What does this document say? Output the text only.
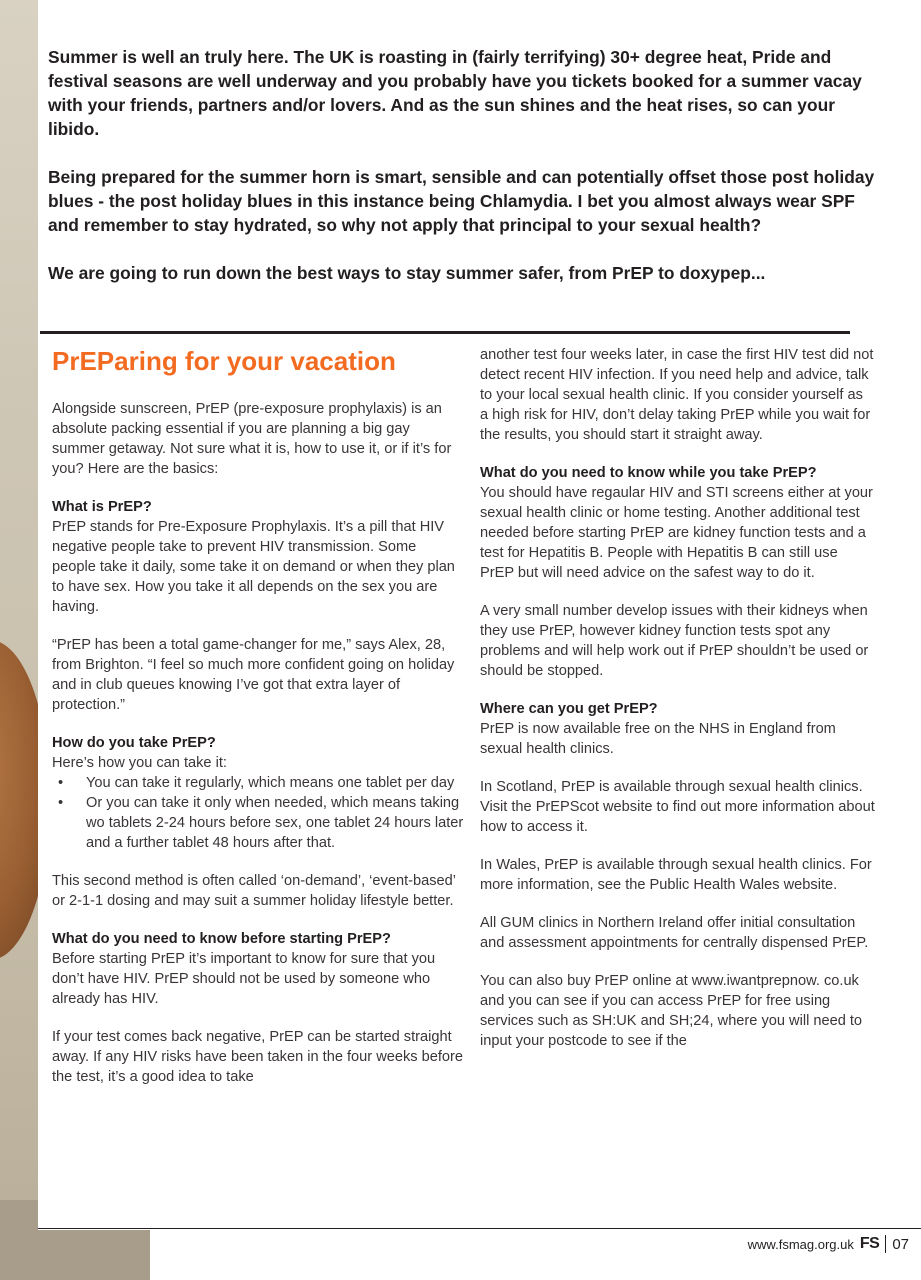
Summer is well an truly here. The UK is roasting in (fairly terrifying) 30+ degree heat, Pride and festival seasons are well underway and you probably have you tickets booked for a summer vacay with your friends, partners and/or lovers. And as the sun shines and the heat rises, so can your libido.

Being prepared for the summer horn is smart, sensible and can potentially offset those post holiday blues - the post holiday blues in this instance being Chlamydia. I bet you almost always wear SPF and remember to stay hydrated, so why not apply that principal to your sexual health?

We are going to run down the best ways to stay summer safer, from PrEP to doxypep...

PrEParing for your vacation

Alongside sunscreen, PrEP (pre-exposure prophylaxis) is an absolute packing essential if you are planning a big gay summer getaway. Not sure what it is, how to use it, or if it’s for you? Here are the basics:

What is PrEP?

PrEP stands for Pre-Exposure Prophylaxis. It’s a pill that HIV negative people take to prevent HIV transmission. Some people take it daily, some take it on demand or when they plan to have sex. How you take it all depends on the sex you are having.

“PrEP has been a total game-changer for me,” says Alex, 28, from Brighton. “I feel so much more confident going on holiday and in club queues knowing I’ve got that extra layer of protection.”

How do you take PrEP?
Here’s how you can take it:
• You can take it regularly, which means one tablet per day
• Or you can take it only when needed, which means taking wo tablets 2-24 hours before sex, one tablet 24 hours later and a further tablet 48 hours after that.

This second method is often called ‘on-demand’, ‘event-based’ or 2-1-1 dosing and may suit a summer holiday lifestyle better.

What do you need to know before starting PrEP?

Before starting PrEP it’s important to know for sure that you don’t have HIV. PrEP should not be used by someone who already has HIV.

If your test comes back negative, PrEP can be started straight away. If any HIV risks have been taken in the four weeks before the test, it’s a good idea to take

another test four weeks later, in case the first HIV test did not detect recent HIV infection. If you need help and advice, talk to your local sexual health clinic. If you consider yourself as a high risk for HIV, don’t delay taking PrEP while you wait for the results, you should start it straight away.

What do you need to know while you take PrEP?

You should have regaular HIV and STI screens either at your sexual health clinic or home testing. Another additional test needed before starting PrEP are kidney function tests and a test for Hepatitis B. People with Hepatitis B can still use PrEP but will need advice on the safest way to do it.

A very small number develop issues with their kidneys when they use PrEP, however kidney function tests spot any problems and will help work out if PrEP shouldn’t be used or should be stopped.

Where can you get PrEP?

PrEP is now available free on the NHS in England from sexual health clinics.

In Scotland, PrEP is available through sexual health clinics. Visit the PrEPScot website to find out more information about how to access it.

In Wales, PrEP is available through sexual health clinics. For more information, see the Public Health Wales website.

All GUM clinics in Northern Ireland offer initial consultation and assessment appointments for centrally dispensed PrEP.

You can also buy PrEP online at www.iwantprepnow. co.uk and you can see if you can access PrEP for free using services such as SH:UK and SH;24, where you will need to input your postcode to see if the

www.fsmag.org.uk FS 07
